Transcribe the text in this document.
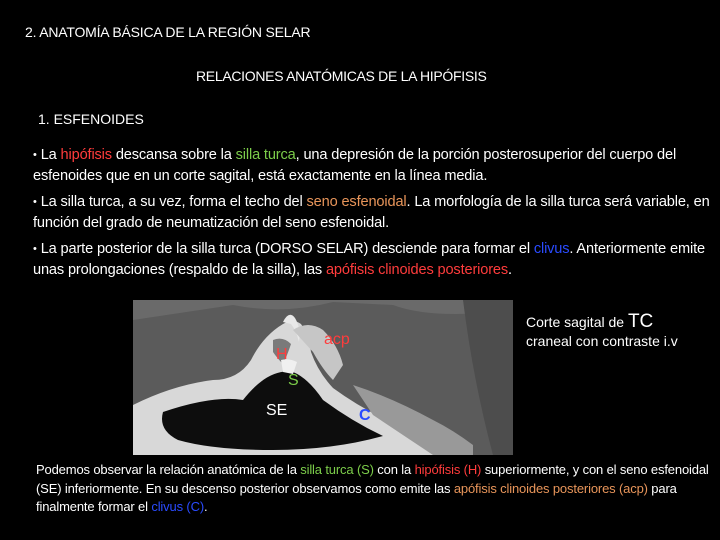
2. ANATOMÍA BÁSICA DE LA REGIÓN SELAR
RELACIONES ANATÓMICAS DE LA HIPÓFISIS
1. ESFENOIDES
• La hipófisis descansa sobre la silla turca, una depresión de la porción posterosuperior del cuerpo del esfenoides que en un corte sagital, está exactamente en la línea media.
• La silla turca, a su vez, forma el techo del seno esfenoidal. La morfología de la silla turca será variable, en función del grado de neumatización del seno esfenoidal.
• La parte posterior de la silla turca (DORSO SELAR) desciende para formar el clivus. Anteriormente emite unas prolongaciones (respaldo de la silla), las apófisis clinoides posteriores.
H
acp
S
SE	C
Corte sagital de TC
craneal con contraste i.v
Podemos observar la relación anatómica de la silla turca (S) con la hipófisis (H) superiormente, y con el seno esfenoidal (SE) inferiormente. En su descenso posterior observamos como emite las apófisis clinoides posteriores (acp) para finalmente formar el clivus (C).
